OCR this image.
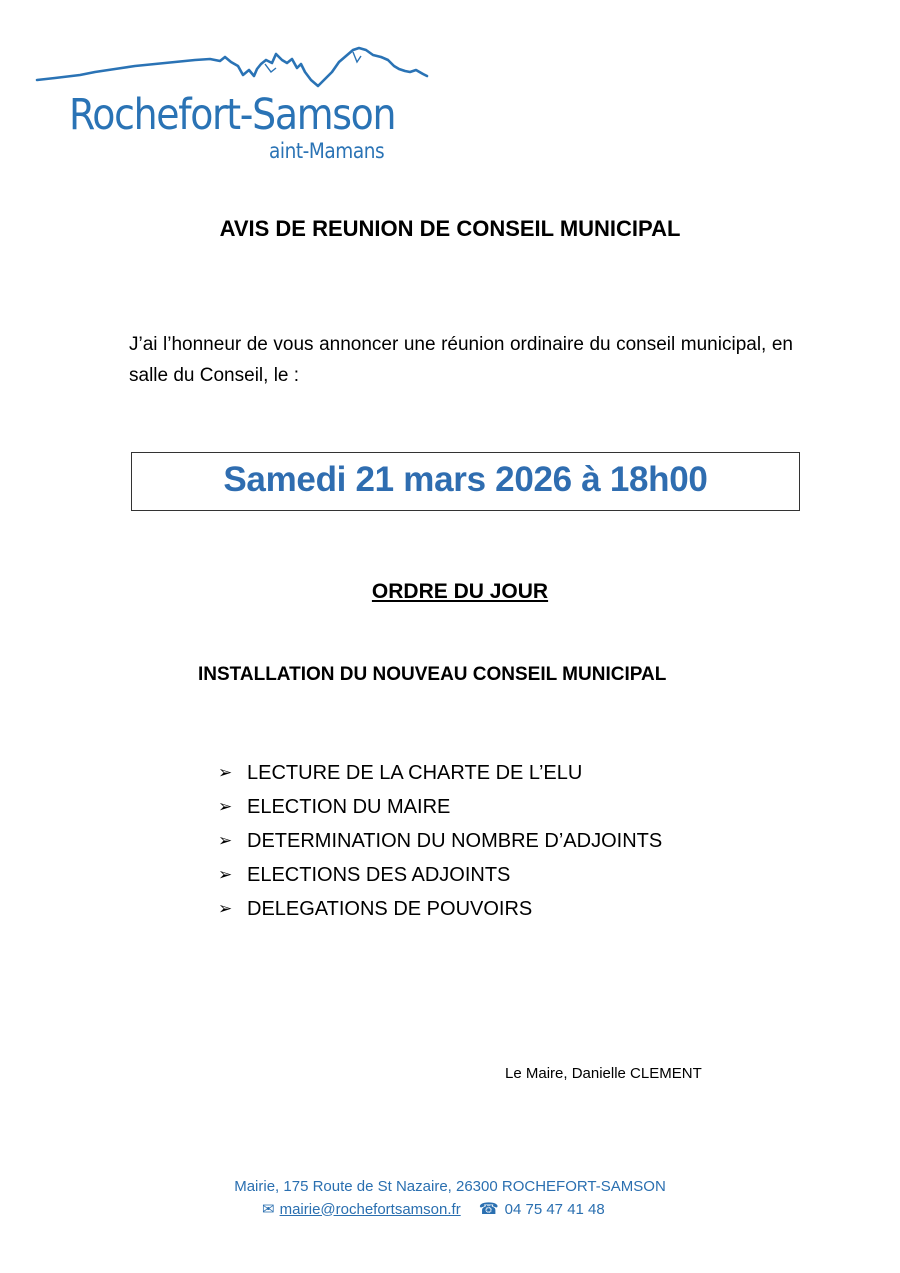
Rochefort-Samson
aint-Mamans
AVIS DE REUNION DE CONSEIL MUNICIPAL
J’ai l’honneur de vous annoncer une réunion ordinaire du conseil municipal, en salle du Conseil, le :
Samedi 21 mars 2026 à 18h00
ORDRE DU JOUR
INSTALLATION DU NOUVEAU CONSEIL MUNICIPAL
➢ LECTURE DE LA CHARTE DE L’ELU
➢ ELECTION DU MAIRE
➢ DETERMINATION DU NOMBRE D’ADJOINTS
➢ ELECTIONS DES ADJOINTS
➢ DELEGATIONS DE POUVOIRS
Le Maire, Danielle CLEMENT
Mairie, 175 Route de St Nazaire, 26300 ROCHEFORT-SAMSON
✉ mairie@rochefortsamson.fr ☎ 04 75 47 41 48
